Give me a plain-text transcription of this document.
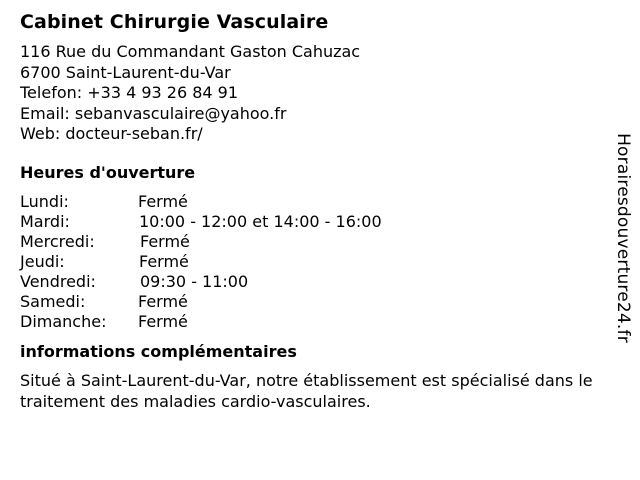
Cabinet Chirurgie Vasculaire
116 Rue du Commandant Gaston Cahuzac
6700 Saint-Laurent-du-Var
Telefon: +33 4 93 26 84 91
Email: sebanvasculaire@yahoo.fr
Web: docteur-seban.fr/
Heures d'ouverture
Lundi:	Fermé
Mardi:	10:00 - 12:00 et 14:00 - 16:00
Mercredi:	Fermé
Jeudi:	Fermé
Vendredi:	09:30 - 11:00
Samedi:	Fermé
Dimanche: Fermé
informations complémentaires

Situé à Saint-Laurent-du-Var, notre établissement est spécialisé dans le traitement des maladies cardio-vasculaires.

Horairesdouverture24.fr
